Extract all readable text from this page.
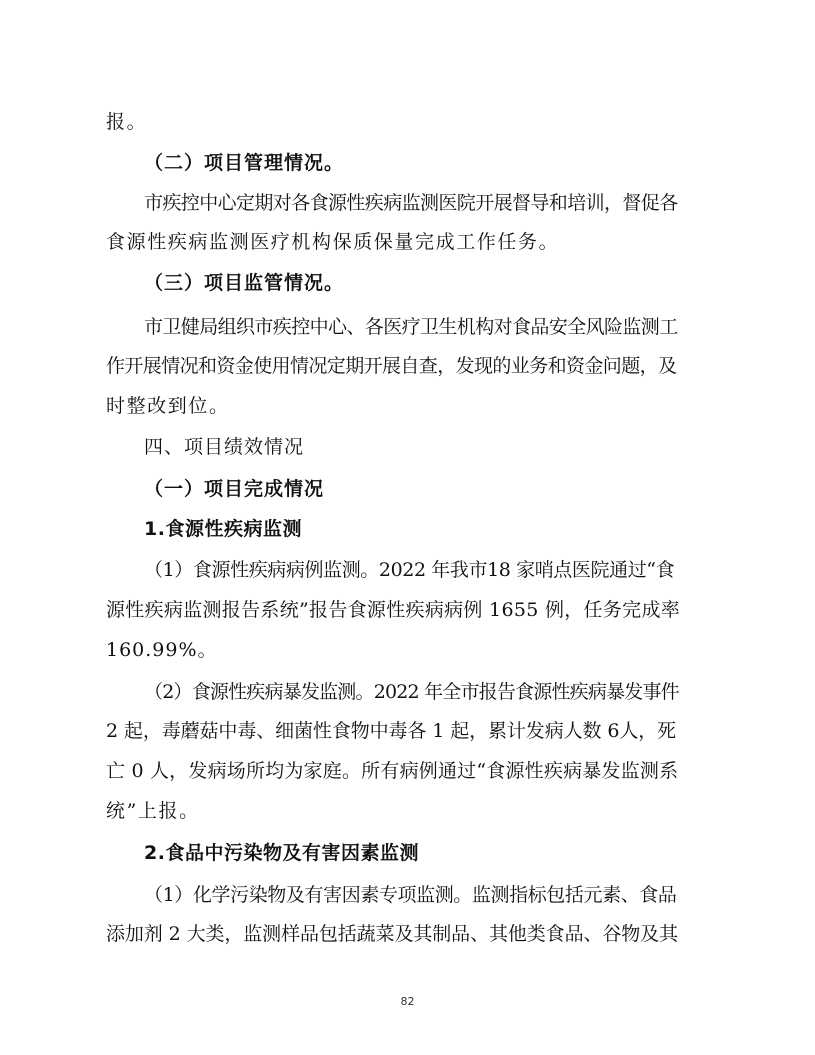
报。
（二）项目管理情况。
市疾控中心定期对各食源性疾病监测医院开展督导和培训，督促各
食源性疾病监测医疗机构保质保量完成工作任务。
（三）项目监管情况。
市卫健局组织市疾控中心、各医疗卫生机构对食品安全风险监测工
作开展情况和资金使用情况定期开展自查，发现的业务和资金问题，及
时整改到位。
四、项目绩效情况
（一）项目完成情况
1.食源性疾病监测
（1）食源性疾病病例监测。2022 年我市18 家哨点医院通过“食
源性疾病监测报告系统”报告食源性疾病病例 1655 例，任务完成率
160.99%。
（2）食源性疾病暴发监测。2022 年全市报告食源性疾病暴发事件
2 起，毒蘑菇中毒、细菌性食物中毒各 1 起，累计发病人数 6人，死
亡 0 人，发病场所均为家庭。所有病例通过“食源性疾病暴发监测系
统”上报。
2.食品中污染物及有害因素监测
（1）化学污染物及有害因素专项监测。监测指标包括元素、食品
添加剂 2 大类，监测样品包括蔬菜及其制品、其他类食品、谷物及其
82
